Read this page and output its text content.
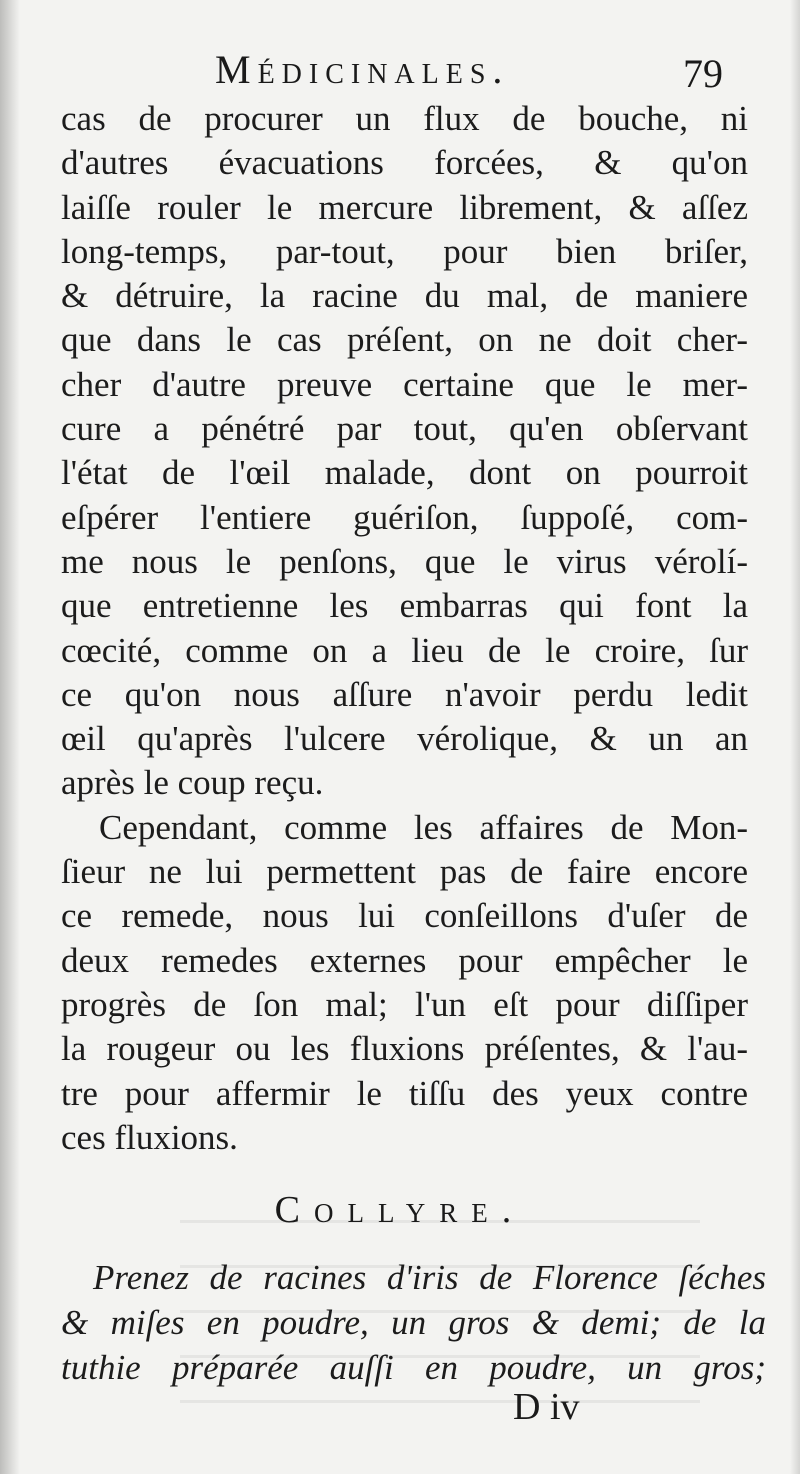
Médicinales.	79
cas de procurer un flux de bouche, ni
d'autres évacuations forcées, & qu'on
laiſſe rouler le mercure librement, & aſſez
long-temps, par-tout, pour bien briſer,
& détruire, la racine du mal, de maniere
que dans le cas préſent, on ne doit cher-
cher d'autre preuve certaine que le mer-
cure a pénétré par tout, qu'en obſervant
l'état de l'œil malade, dont on pourroit
eſpérer l'entiere guériſon, ſuppoſé, com-
me nous le penſons, que le virus vérolí-
que entretienne les embarras qui font la
cœcité, comme on a lieu de le croire, ſur
ce qu'on nous aſſure n'avoir perdu ledit
œil qu'après l'ulcere vérolique, & un an
après le coup reçu.
Cependant, comme les affaires de Mon-
ſieur ne lui permettent pas de faire encore
ce remede, nous lui conſeillons d'uſer de
deux remedes externes pour empêcher le
progrès de ſon mal; l'un eſt pour diſſiper
la rougeur ou les fluxions préſentes, & l'au-
tre pour affermir le tiſſu des yeux contre
ces fluxions.
Collyre.
Prenez de racines d'iris de Florence ſéches
& miſes en poudre, un gros & demi; de la
tuthie préparée auſſi en poudre, un gros;
D iv
